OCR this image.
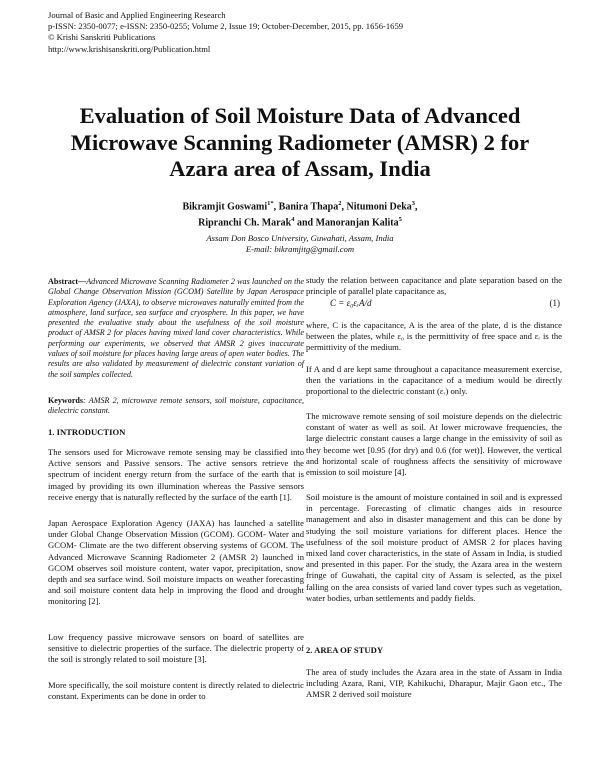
Journal of Basic and Applied Engineering Research
p-ISSN: 2350-0077; e-ISSN: 2350-0255; Volume 2, Issue 19; October-December, 2015, pp. 1656-1659
© Krishi Sanskriti Publications
http://www.krishisanskriti.org/Publication.html
Evaluation of Soil Moisture Data of Advanced
Microwave Scanning Radiometer (AMSR) 2 for
Azara area of Assam, India
Bikramjit Goswami$^{1*}$, Banira Thapa$^2$, Nitumoni Deka$^3$,
Ripranchi Ch. Marak$^4$ and Manoranjan Kalita$^5$
Assam Don Bosco University, Guwahati, Assam, India
E-mail: bikramjitg@gmail.com

Abstract—Advanced Microwave Scanning Radiometer 2 was launched on the Global Change Observation Mission (GCOM) Satellite by Japan Aerospace Exploration Agency (JAXA), to observe microwaves naturally emitted from the atmosphere, land surface, sea surface and cryosphere. In this paper, we have presented the evaluative study about the usefulness of the soil moisture product of AMSR 2 for places having mixed land cover characteristics. While performing our experiments, we observed that AMSR 2 gives inaccurate values of soil moisture for places having large areas of open water bodies. The results are also validated by measurement of dielectric constant variation of the soil samples collected.

Keywords: AMSR 2, microwave remote sensors, soil moisture, capacitance, dielectric constant.

1. INTRODUCTION

The sensors used for Microwave remote sensing may be classified into Active sensors and Passive sensors. The active sensors retrieve the spectrum of incident energy return from the surface of the earth that is imaged by providing its own illumination whereas the Passive sensors receive energy that is naturally reflected by the surface of the earth [1].

Japan Aerospace Exploration Agency (JAXA) has launched a satellite under Global Change Observation Mission (GCOM). GCOM- Water and GCOM- Climate are the two different observing systems of GCOM. The Advanced Microwave Scanning Radiometer 2 (AMSR 2) launched in GCOM observes soil moisture content, water vapor, precipitation, snow depth and sea surface wind. Soil moisture impacts on weather forecasting and soil moisture content data help in improving the flood and drought monitoring [2].

Low frequency passive microwave sensors on board of satellites are sensitive to dielectric properties of the surface. The dielectric property of the soil is strongly related to soil moisture [3].

More specifically, the soil moisture content is directly related to dielectric constant. Experiments can be done in order to

study the relation between capacitance and plate separation based on the principle of parallel plate capacitance as,

C = ε₀εᵣA/d	(1)

where, C is the capacitance, A is the area of the plate, d is the distance between the plates, while ε₀ is the permittivity of free space and εᵣ is the permittivity of the medium.

If A and d are kept same throughout a capacitance measurement exercise, then the variations in the capacitance of a medium would be directly proportional to the dielectric constant (εᵣ) only.

The microwave remote sensing of soil moisture depends on the dielectric constant of water as well as soil. At lower microwave frequencies, the large dielectric constant causes a large change in the emissivity of soil as they become wet [0.95 (for dry) and 0.6 (for wet)]. However, the vertical and horizontal scale of roughness affects the sensitivity of microwave emission to soil moisture [4].

Soil moisture is the amount of moisture contained in soil and is expressed in percentage. Forecasting of climatic changes aids in resource management and also in disaster management and this can be done by studying the soil moisture variations for different places. Hence the usefulness of the soil moisture product of AMSR 2 for places having mixed land cover characteristics, in the state of Assam in India, is studied and presented in this paper. For the study, the Azara area in the western fringe of Guwahati, the capital city of Assam is selected, as the pixel falling on the area consists of varied land cover types such as vegetation, water bodies, urban settlements and paddy fields.

2. AREA OF STUDY

The area of study includes the Azara area in the state of Assam in India including Azara, Rani, VIP, Kahikuchi, Dharapur, Majir Gaon etc., The AMSR 2 derived soil moisture
